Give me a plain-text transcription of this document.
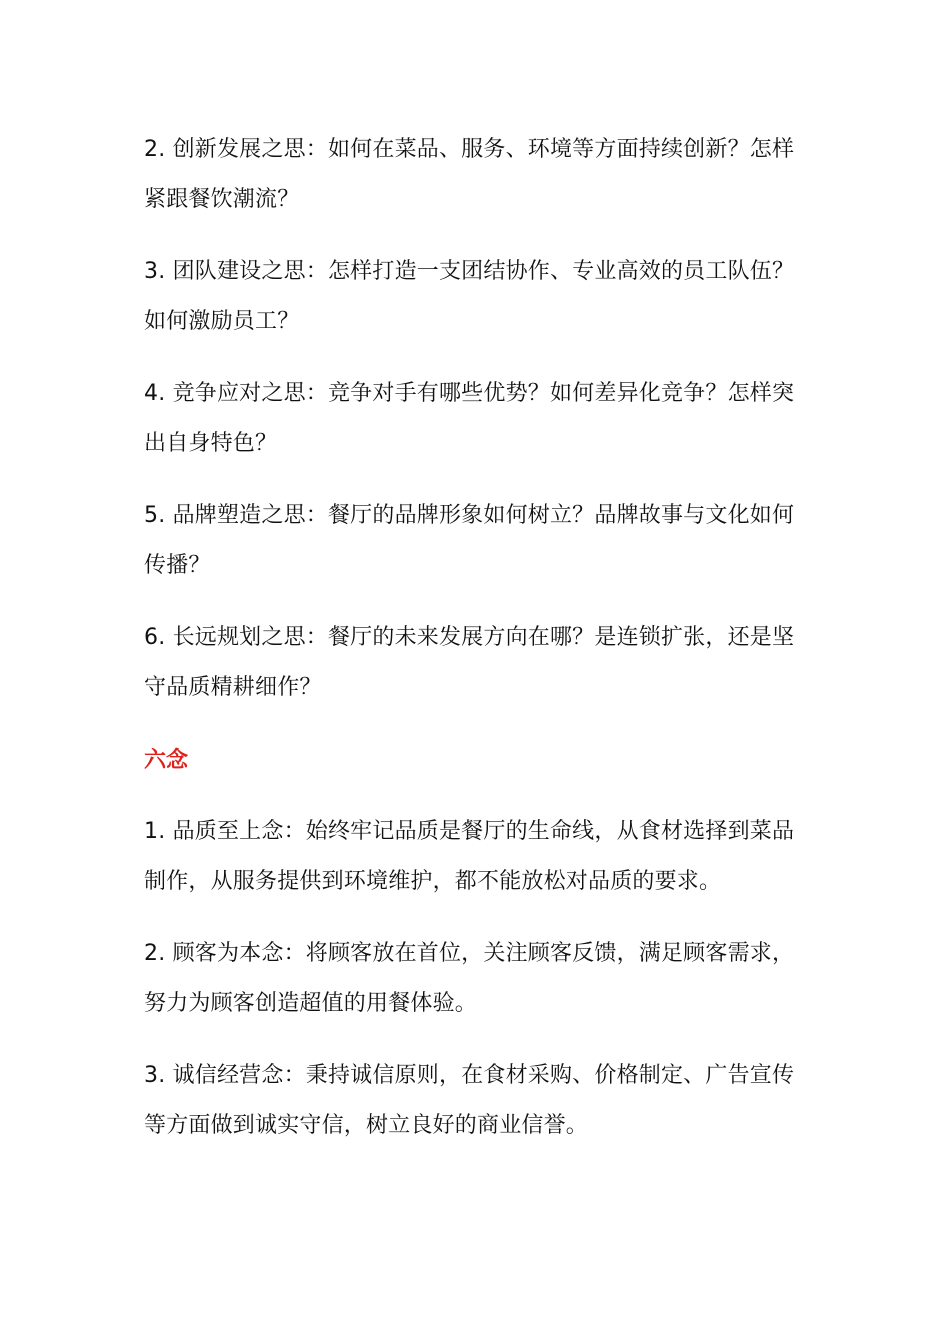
2. 创新发展之思：如何在菜品、服务、环境等方面持续创新？怎样紧跟餐饮潮流？

3. 团队建设之思：怎样打造一支团结协作、专业高效的员工队伍？如何激励员工？

4. 竞争应对之思：竞争对手有哪些优势？如何差异化竞争？怎样突出自身特色？

5. 品牌塑造之思：餐厅的品牌形象如何树立？品牌故事与文化如何传播？

6. 长远规划之思：餐厅的未来发展方向在哪？是连锁扩张，还是坚守品质精耕细作？

六念

1. 品质至上念：始终牢记品质是餐厅的生命线，从食材选择到菜品制作，从服务提供到环境维护，都不能放松对品质的要求。

2. 顾客为本念：将顾客放在首位，关注顾客反馈，满足顾客需求，努力为顾客创造超值的用餐体验。

3. 诚信经营念：秉持诚信原则，在食材采购、价格制定、广告宣传等方面做到诚实守信，树立良好的商业信誉。
